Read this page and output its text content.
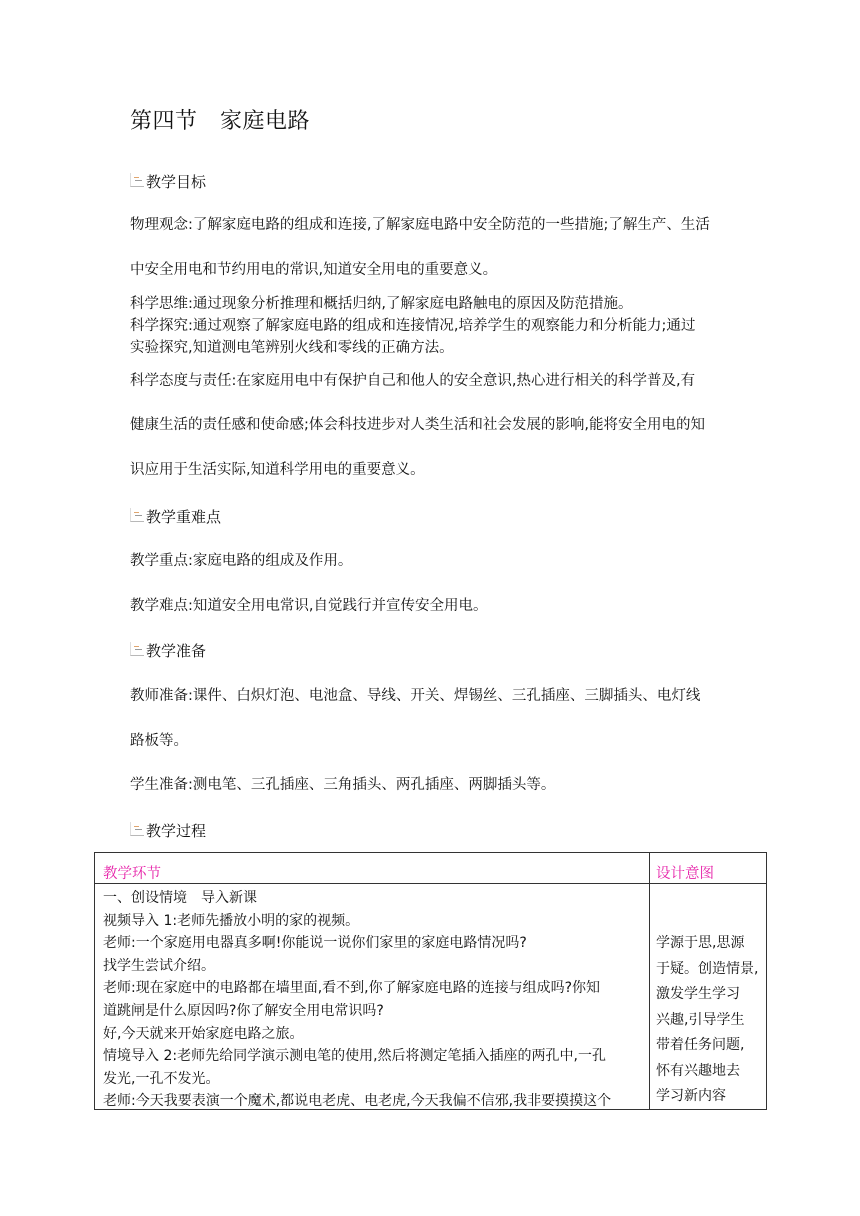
第四节　家庭电路
教学目标
物理观念:了解家庭电路的组成和连接,了解家庭电路中安全防范的一些措施;了解生产、生活
中安全用电和节约用电的常识,知道安全用电的重要意义。
科学思维:通过现象分析推理和概括归纳,了解家庭电路触电的原因及防范措施。
科学探究:通过观察了解家庭电路的组成和连接情况,培养学生的观察能力和分析能力;通过
实验探究,知道测电笔辨别火线和零线的正确方法。
科学态度与责任:在家庭用电中有保护自己和他人的安全意识,热心进行相关的科学普及,有
健康生活的责任感和使命感;体会科技进步对人类生活和社会发展的影响,能将安全用电的知
识应用于生活实际,知道科学用电的重要意义。
教学重难点
教学重点:家庭电路的组成及作用。
教学难点:知道安全用电常识,自觉践行并宣传安全用电。
教学准备
教师准备:课件、白炽灯泡、电池盒、导线、开关、焊锡丝、三孔插座、三脚插头、电灯线
路板等。
学生准备:测电笔、三孔插座、三角插头、两孔插座、两脚插头等。
教学过程
教学环节	设计意图
一、创设情境　导入新课
视频导入 1:老师先播放小明的家的视频。
老师:一个家庭用电器真多啊!你能说一说你们家里的家庭电路情况吗?
找学生尝试介绍。
老师:现在家庭中的电路都在墙里面,看不到,你了解家庭电路的连接与组成吗?你知
道跳闸是什么原因吗?你了解安全用电常识吗?
好,今天就来开始家庭电路之旅。
情境导入 2:老师先给同学演示测电笔的使用,然后将测定笔插入插座的两孔中,一孔
发光,一孔不发光。
老师:今天我要表演一个魔术,都说电老虎、电老虎,今天我偏不信邪,我非要摸摸这个
学源于思,思源
于疑。创造情景,
激发学生学习
兴趣,引导学生
带着任务问题,
怀有兴趣地去
学习新内容
